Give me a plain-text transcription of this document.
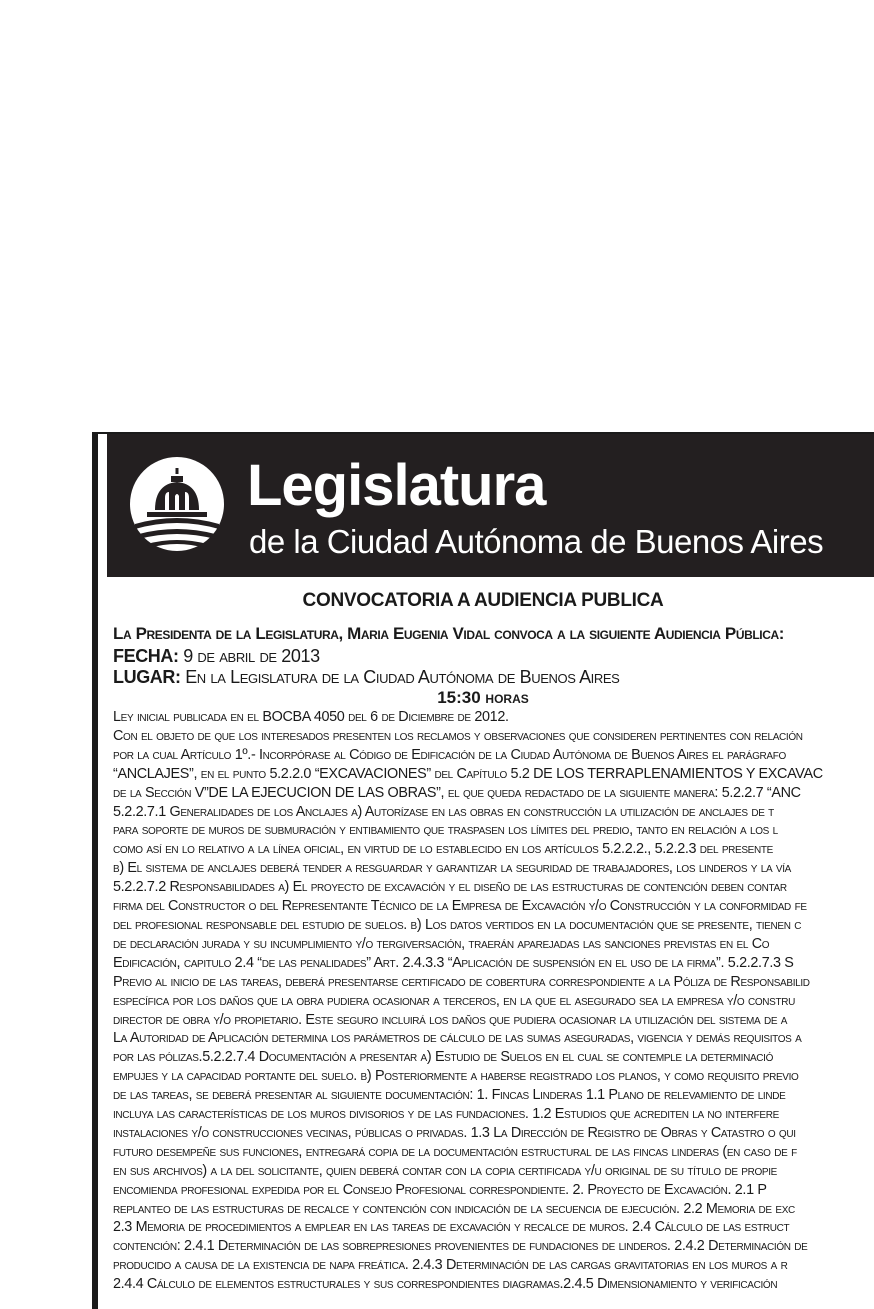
Legislatura
de la Ciudad Autónoma de Buenos Aires
CONVOCATORIA A AUDIENCIA PUBLICA
La Presidenta de la Legislatura, Maria Eugenia Vidal convoca a la siguiente Audiencia Pública:
FECHA: 9 de abril de 2013
LUGAR: En la Legislatura de la Ciudad Autónoma de Buenos Aires
15:30 horas
Ley inicial publicada en el BOCBA 4050 del 6 de Diciembre de 2012.
Con el objeto de que los interesados presenten los reclamos y observaciones que consideren pertinentes con relación
por la cual Artículo 1º.- Incorpórase al Código de Edificación de la Ciudad Autónoma de Buenos Aires el parágrafo
“ANCLAJES”, en el punto 5.2.2.0 “EXCAVACIONES” del Capítulo 5.2 DE LOS TERRAPLENAMIENTOS Y EXCAVAC
de la Sección V”DE LA EJECUCION DE LAS OBRAS”, el que queda redactado de la siguiente manera: 5.2.2.7 “ANC
5.2.2.7.1 Generalidades de los Anclajes a) Autorízase en las obras en construcción la utilización de anclajes de t
para soporte de muros de submuración y entibamiento que traspasen los límites del predio, tanto en relación a los l
como así en lo relativo a la línea oficial, en virtud de lo establecido en los artículos 5.2.2.2., 5.2.2.3 del presente
b) El sistema de anclajes deberá tender a resguardar y garantizar la seguridad de trabajadores, los linderos y la vía
5.2.2.7.2 Responsabilidades a) El proyecto de excavación y el diseño de las estructuras de contención deben contar
firma del Constructor o del Representante Técnico de la Empresa de Excavación y/o Construcción y la conformidad fe
del profesional responsable del estudio de suelos. b) Los datos vertidos en la documentación que se presente, tienen c
de declaración jurada y su incumplimiento y/o tergiversación, traerán aparejadas las sanciones previstas en el Co
Edificación, capitulo 2.4 “de las penalidades” Art. 2.4.3.3 “Aplicación de suspensión en el uso de la firma”. 5.2.2.7.3 S
Previo al inicio de las tareas, deberá presentarse certificado de cobertura correspondiente a la Póliza de Responsabilid
específica por los daños que la obra pudiera ocasionar a terceros, en la que el asegurado sea la empresa y/o constru
director de obra y/o propietario. Este seguro incluirá los daños que pudiera ocasionar la utilización del sistema de a
La Autoridad de Aplicación determina los parámetros de cálculo de las sumas aseguradas, vigencia y demás requisitos a
por las pólizas.5.2.2.7.4 Documentación a presentar a) Estudio de Suelos en el cual se contemple la determinació
empujes y la capacidad portante del suelo. b) Posteriormente a haberse registrado los planos, y como requisito previo
de las tareas, se deberá presentar al siguiente documentación: 1. Fincas Linderas 1.1 Plano de relevamiento de linde
incluya las características de los muros divisorios y de las fundaciones. 1.2 Estudios que acrediten la no interfere
instalaciones y/o construcciones vecinas, públicas o privadas. 1.3 La Dirección de Registro de Obras y Catastro o qui
futuro desempeñe sus funciones, entregará copia de la documentación estructural de las fincas linderas (en caso de f
en sus archivos) a la del solicitante, quien deberá contar con la copia certificada y/u original de su título de propie
encomienda profesional expedida por el Consejo Profesional correspondiente. 2. Proyecto de Excavación. 2.1 P
replanteo de las estructuras de recalce y contención con indicación de la secuencia de ejecución. 2.2 Memoria de exc
2.3 Memoria de procedimientos a emplear en las tareas de excavación y recalce de muros. 2.4 Cálculo de las estruct
contención: 2.4.1 Determinación de las sobrepresiones provenientes de fundaciones de linderos. 2.4.2 Determinación de
producido a causa de la existencia de napa freática. 2.4.3 Determinación de las cargas gravitatorias en los muros a r
2.4.4 Cálculo de elementos estructurales y sus correspondientes diagramas.2.4.5 Dimensionamiento y verificación
